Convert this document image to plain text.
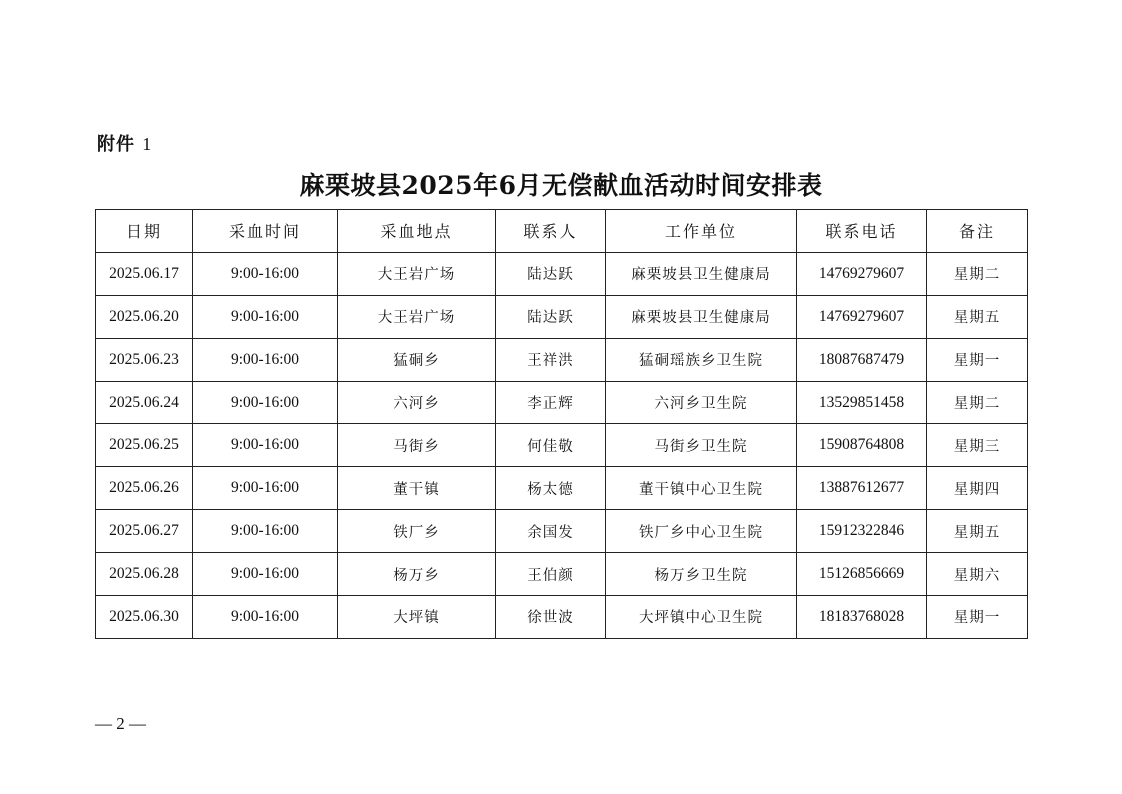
附件 1
麻栗坡县2025年6月无偿献血活动时间安排表
日期	采血时间	采血地点	联系人	工作单位	联系电话	备注
2025.06.17	9:00-16:00	大王岩广场	陆达跃	麻栗坡县卫生健康局	14769279607	星期二
2025.06.20	9:00-16:00	大王岩广场	陆达跃	麻栗坡县卫生健康局	14769279607	星期五
2025.06.23	9:00-16:00	猛硐乡	王祥洪	猛硐瑶族乡卫生院	18087687479	星期一
2025.06.24	9:00-16:00	六河乡	李正辉	六河乡卫生院	13529851458	星期二
2025.06.25	9:00-16:00	马街乡	何佳敬	马街乡卫生院	15908764808	星期三
2025.06.26	9:00-16:00	董干镇	杨太德	董干镇中心卫生院	13887612677	星期四
2025.06.27	9:00-16:00	铁厂乡	余国发	铁厂乡中心卫生院	15912322846	星期五
2025.06.28	9:00-16:00	杨万乡	王伯颜	杨万乡卫生院	15126856669	星期六
2025.06.30	9:00-16:00	大坪镇	徐世波	大坪镇中心卫生院	18183768028	星期一
— 2 —
